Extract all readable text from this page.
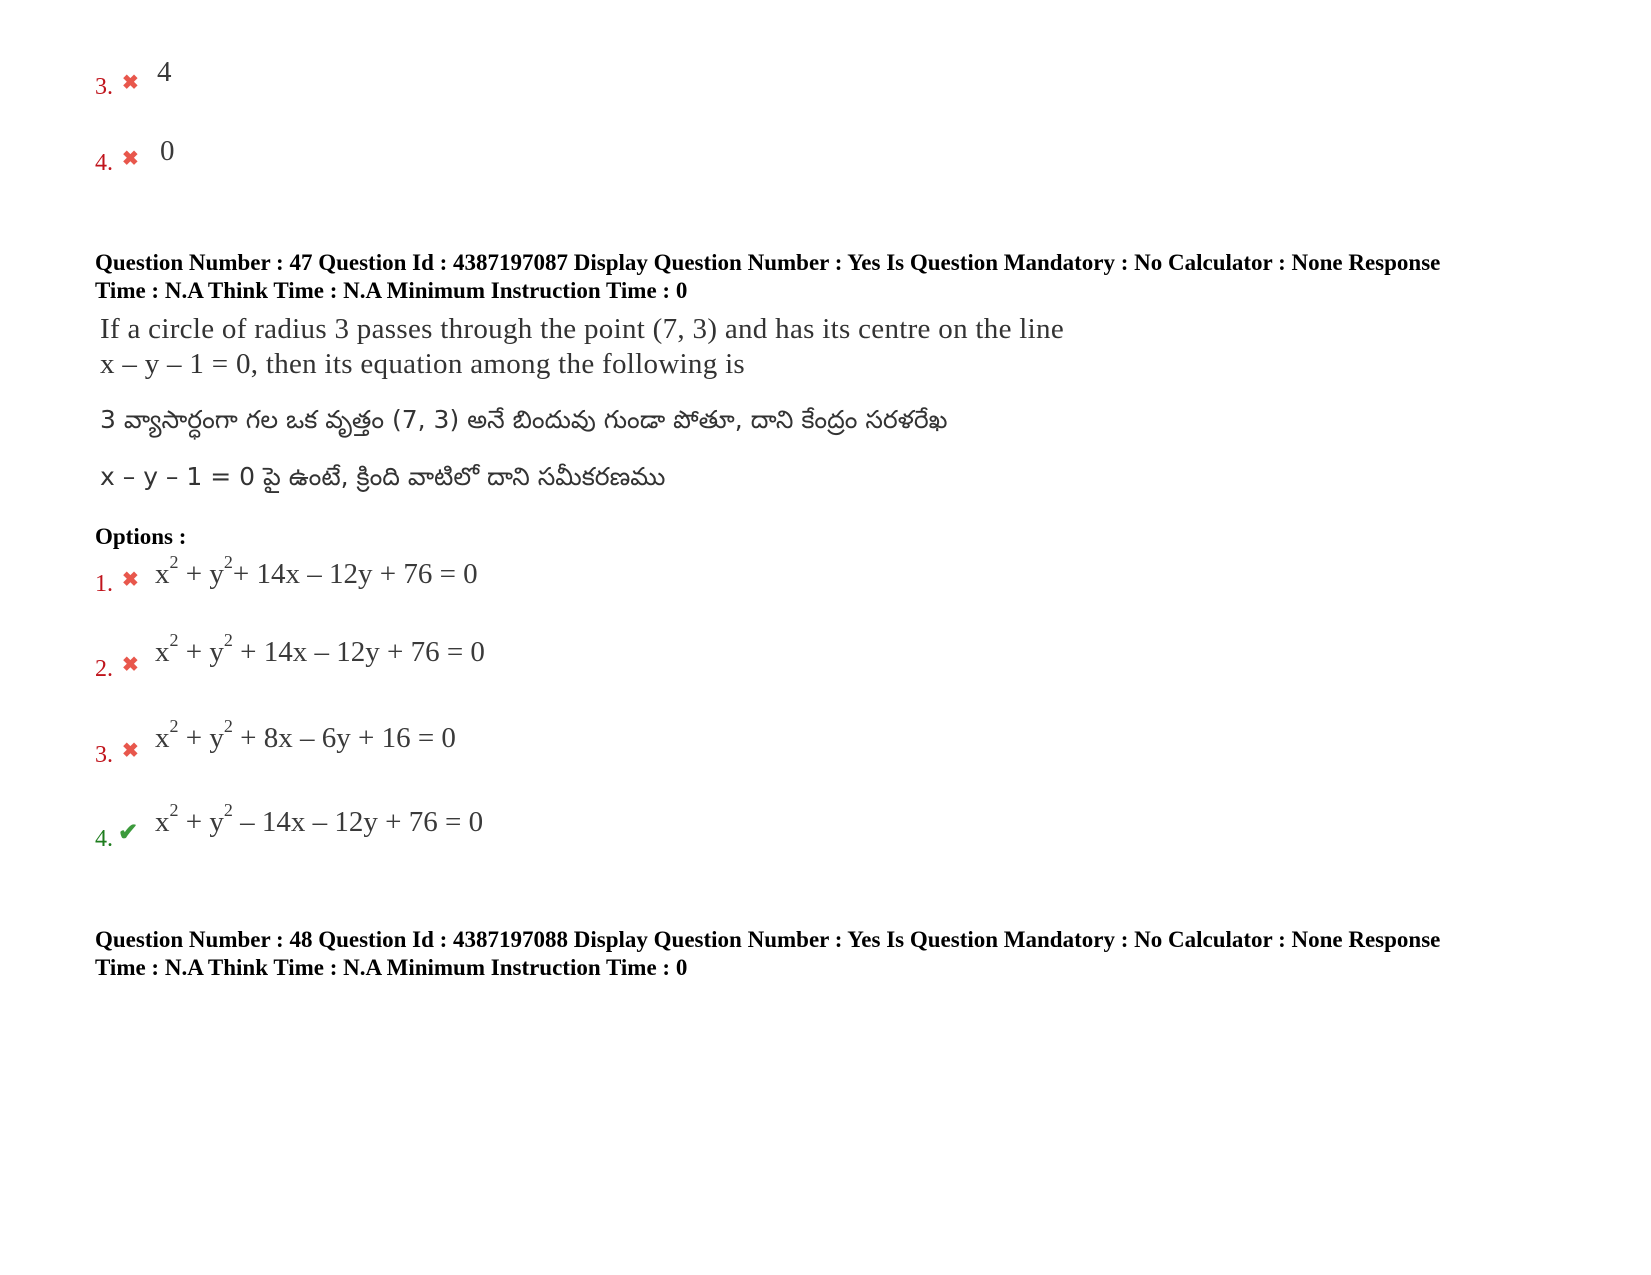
3. ✖ 4
4. ✖ 0
Question Number : 47 Question Id : 4387197087 Display Question Number : Yes Is Question Mandatory : No Calculator : None Response
Time : N.A Think Time : N.A Minimum Instruction Time : 0
If a circle of radius 3 passes through the point (7, 3) and has its centre on the line
x – y – 1 = 0, then its equation among the following is
3 వ్యాసార్ధంగా గల ఒక వృత్తం (7, 3) అనే బిందువు గుండా పోతూ, దాని కేంద్రం సరళరేఖ
x – y – 1 = 0 పై ఉంటే, క్రింది వాటిలో దాని సమీకరణము
Options :
1. ✖ $x^2 + y^2+ 14x - 12y + 76 = 0$
2. ✖ $x^2 + y^2 + 14x - 12y + 76 = 0$
3. ✖ $x^2 + y^2 + 8x - 6y + 16 = 0$
4. ✔ $x^2 + y^2 - 14x - 12y + 76 = 0$
Question Number : 48 Question Id : 4387197088 Display Question Number : Yes Is Question Mandatory : No Calculator : None Response
Time : N.A Think Time : N.A Minimum Instruction Time : 0
